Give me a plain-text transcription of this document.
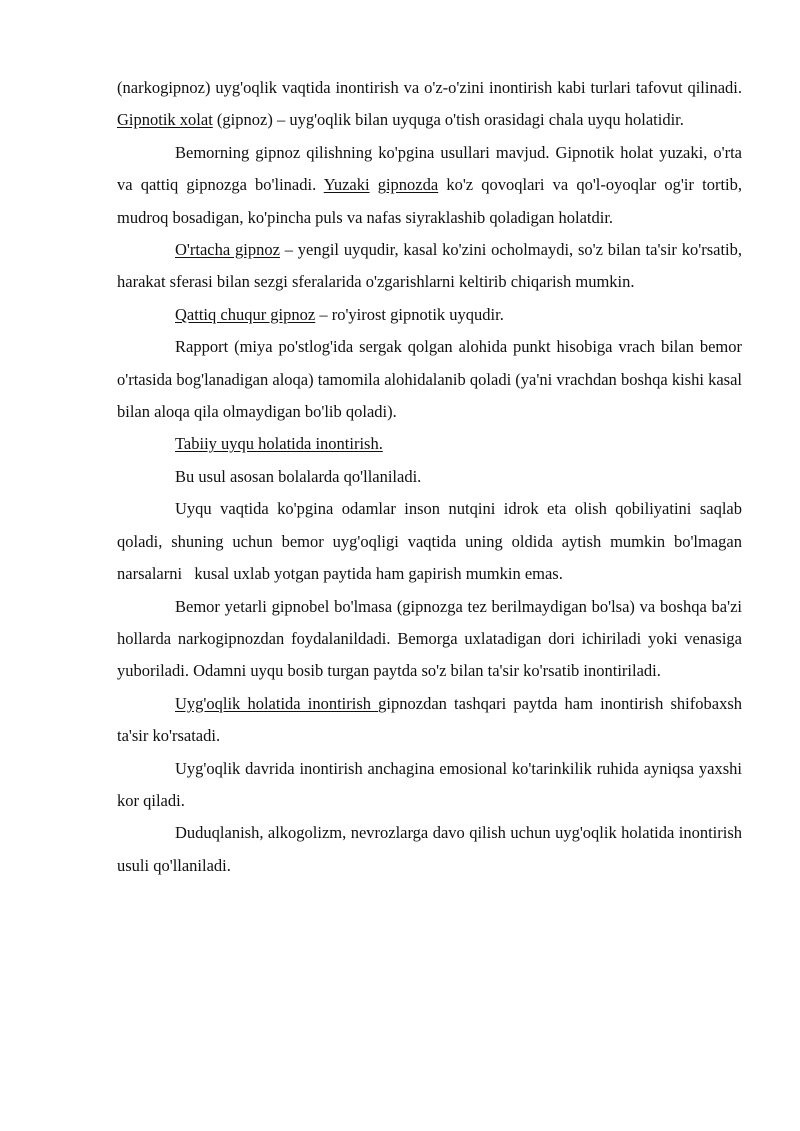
(narkogipnoz) uyg'oqlik vaqtida inontirish va o'z-o'zini inontirish kabi turlari tafovut qilinadi. Gipnotik xolat (gipnoz) – uyg'oqlik bilan uyquga o'tish orasidagi chala uyqu holatidir.

Bemorning gipnoz qilishning ko'pgina usullari mavjud. Gipnotik holat yuzaki, o'rta va qattiq gipnozga bo'linadi. Yuzaki gipnozda ko'z qovoqlari va qo'l-oyoqlar og'ir tortib, mudroq bosadigan, ko'pincha puls va nafas siyraklashib qoladigan holatdir.

O'rtacha gipnoz – yengil uyqudir, kasal ko'zini ocholmaydi, so'z bilan ta'sir ko'rsatib, harakat sferasi bilan sezgi sferalarida o'zgarishlarni keltirib chiqarish mumkin.

Qattiq chuqur gipnoz – ro'yirost gipnotik uyqudir.

Rapport (miya po'stlog'ida sergak qolgan alohida punkt hisobiga vrach bilan bemor o'rtasida bog'lanadigan aloqa) tamomila alohidalanib qoladi (ya'ni vrachdan boshqa kishi kasal bilan aloqa qila olmaydigan bo'lib qoladi).

Tabiiy uyqu holatida inontirish.

Bu usul asosan bolalarda qo'llaniladi.

Uyqu vaqtida ko'pgina odamlar inson nutqini idrok eta olish qobiliyatini saqlab qoladi, shuning uchun bemor uyg'oqligi vaqtida uning oldida aytish mumkin bo'lmagan narsalarni   kusal uxlab yotgan paytida ham gapirish mumkin emas.

Bemor yetarli gipnobel bo'lmasa (gipnozga tez berilmaydigan bo'lsa) va boshqa ba'zi hollarda narkogipnozdan foydalanildadi. Bemorga uxlatadigan dori ichiriladi yoki venasiga yuboriladi. Odamni uyqu bosib turgan paytda so'z bilan ta'sir ko'rsatib inontiriladi.

Uyg'oqlik holatida inontirish gipnozdan tashqari paytda ham inontirish shifobaxsh ta'sir ko'rsatadi.

Uyg'oqlik davrida inontirish anchagina emosional ko'tarinkilik ruhida ayniqsa yaxshi kor qiladi.

Duduqlanish, alkogolizm, nevrozlarga davo qilish uchun uyg'oqlik holatida inontirish usuli qo'llaniladi.
